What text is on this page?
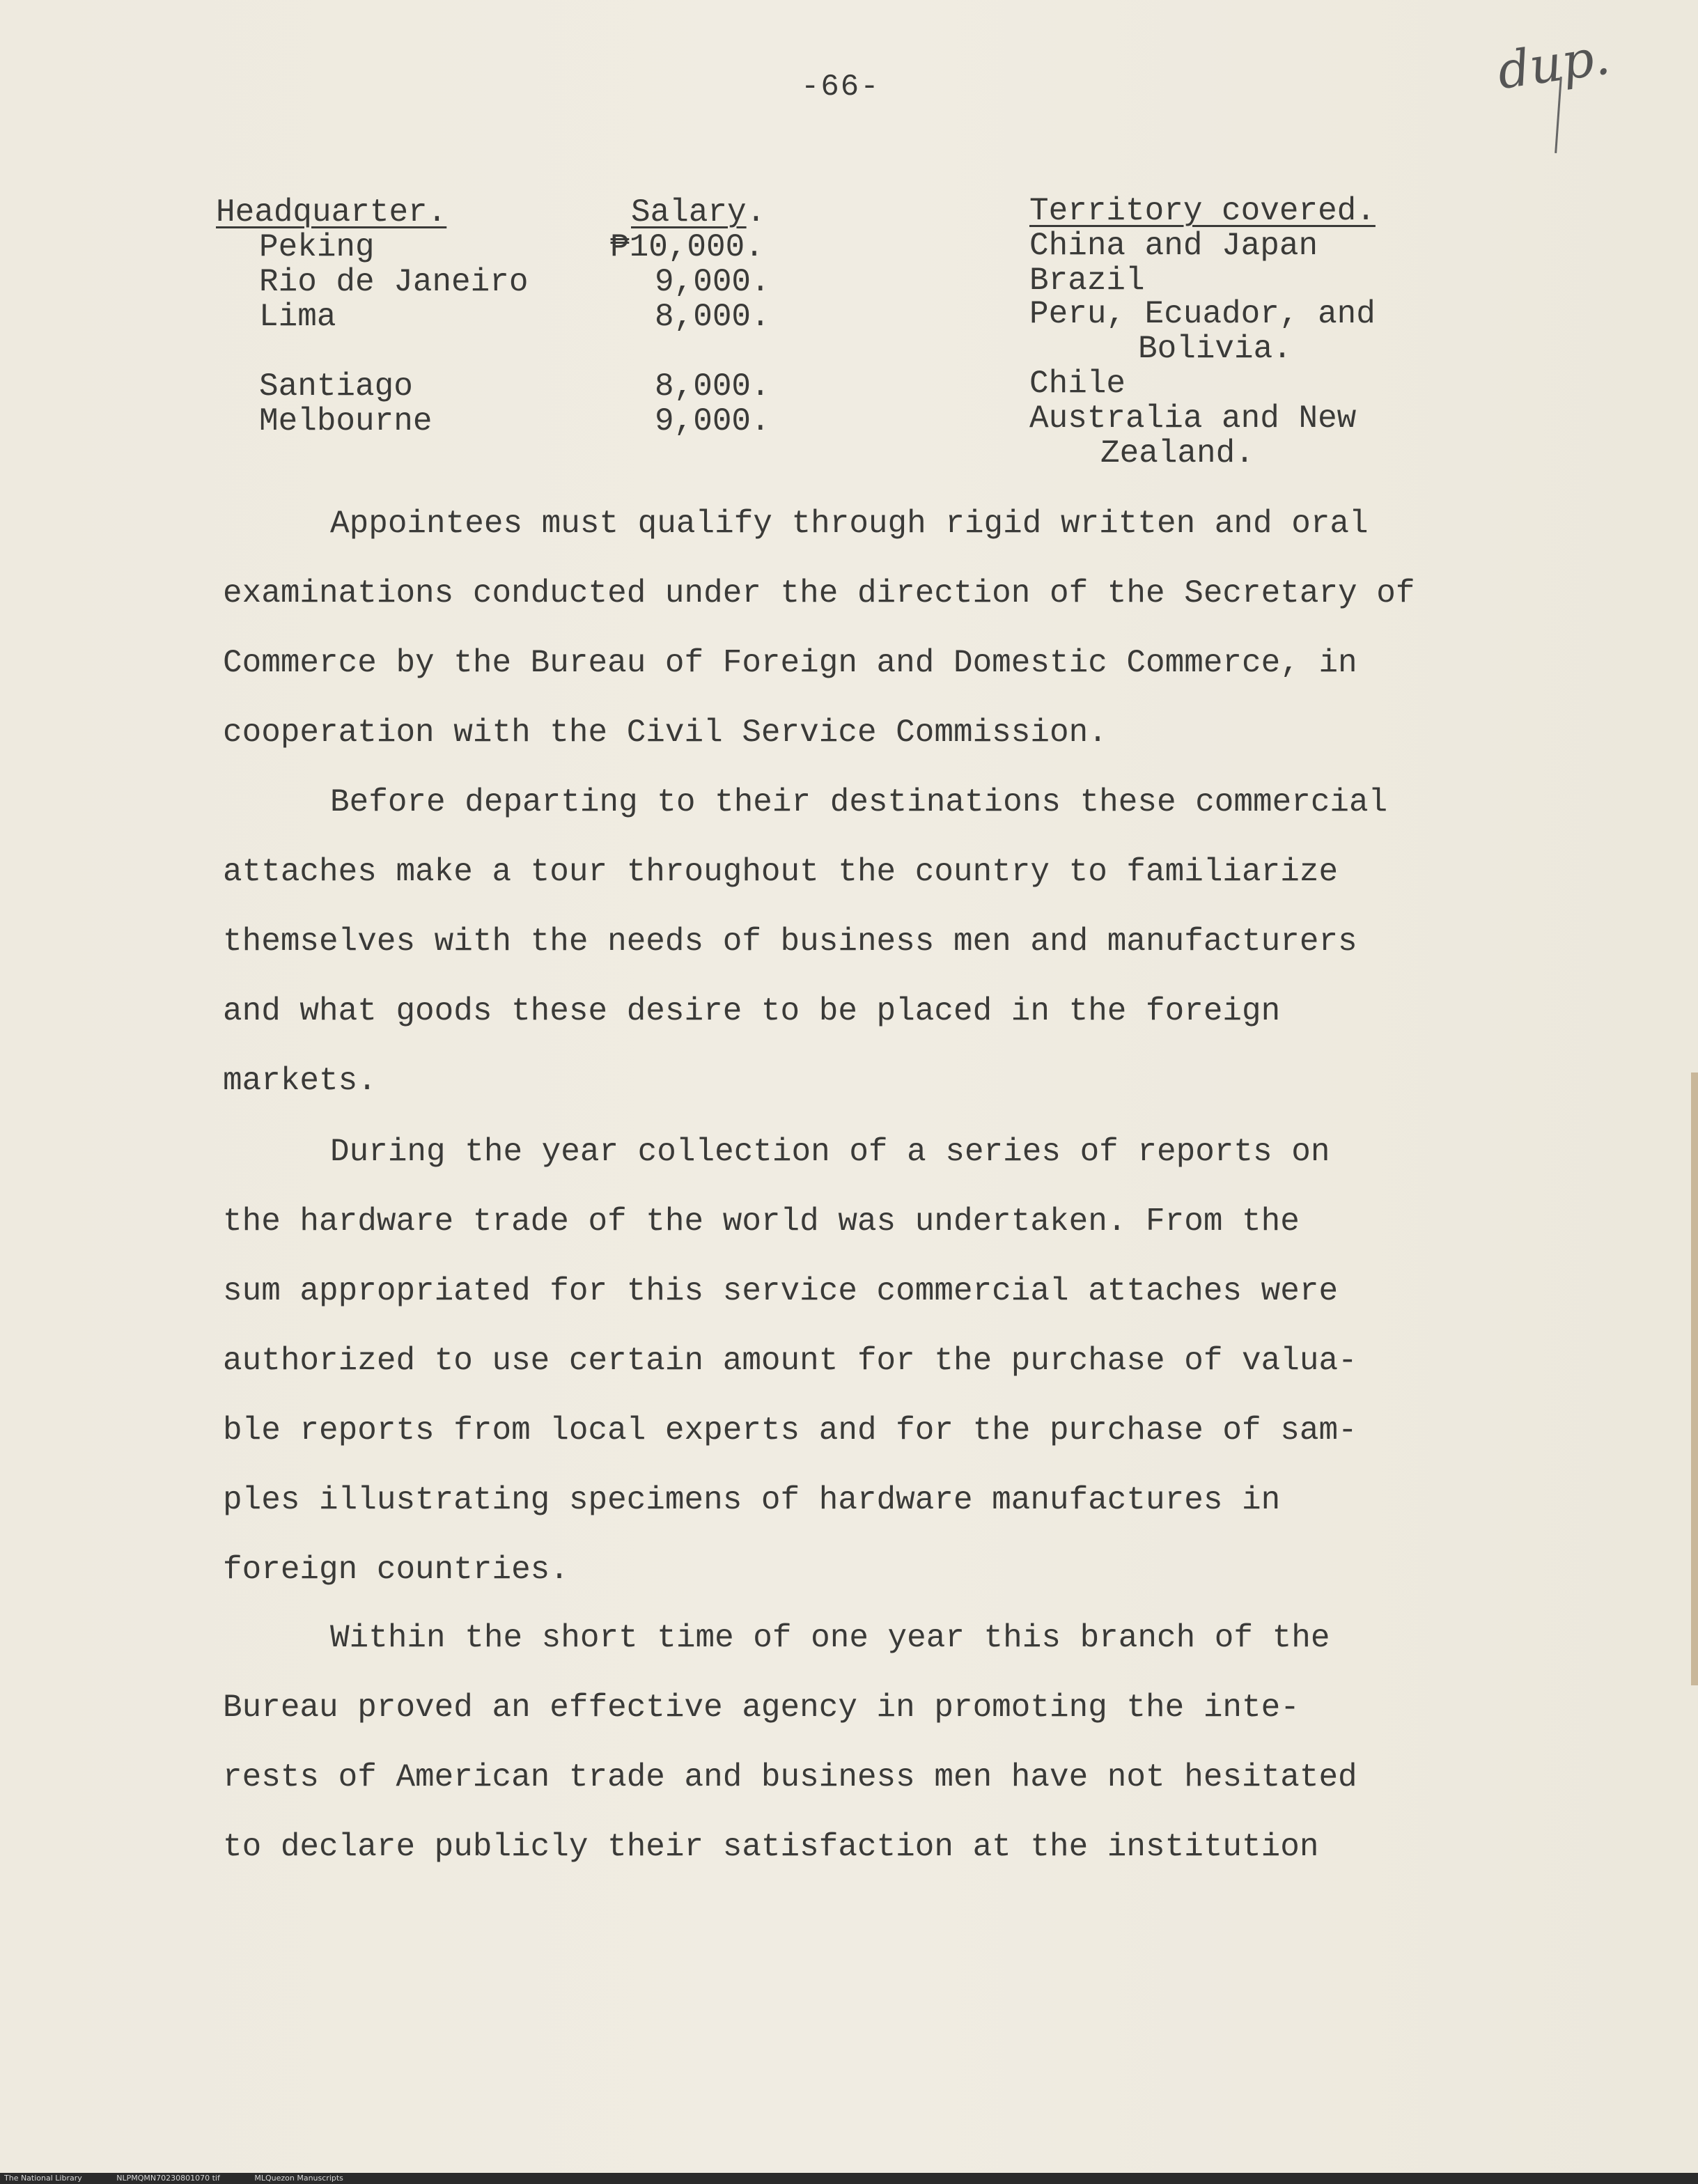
-66-	dup.
Headquarter.	Salary.	Territory covered.
Peking	₱10,000.	China and Japan
Rio de Janeiro	9,000.	Brazil
Lima	8,000.	Peru, Ecuador, and
Bolivia.
Santiago	8,000.	Chile
Melbourne	9,000.	Australia and New
Zealand.
Appointees must qualify through rigid written and oral
examinations conducted under the direction of the Secretary of
Commerce by the Bureau of Foreign and Domestic Commerce, in
cooperation with the Civil Service Commission.
Before departing to their destinations these commercial
attaches make a tour throughout the country to familiarize
themselves with the needs of business men and manufacturers
and what goods these desire to be placed in the foreign
markets.
During the year collection of a series of reports on
the hardware trade of the world was undertaken. From the
sum appropriated for this service commercial attaches were
authorized to use certain amount for the purchase of valua-
ble reports from local experts and for the purchase of sam-
ples illustrating specimens of hardware manufactures in
foreign countries.
Within the short time of one year this branch of the
Bureau proved an effective agency in promoting the inte-
rests of American trade and business men have not hesitated
to declare publicly their satisfaction at the institution
The National Library	NLPMQMN70230801070 tif	MLQuezon Manuscripts
